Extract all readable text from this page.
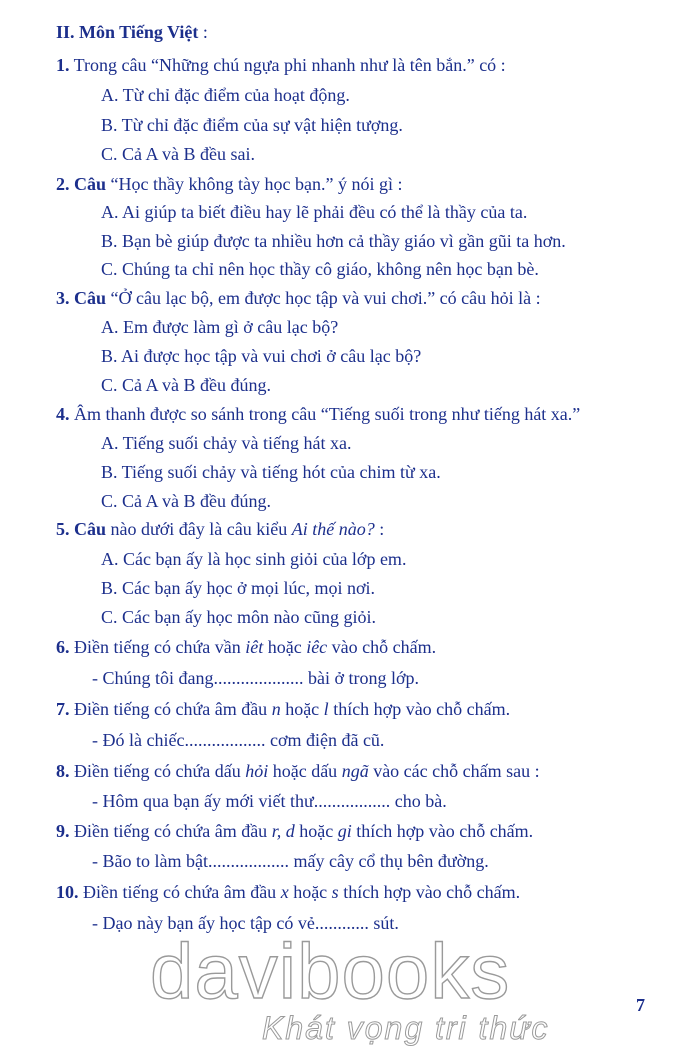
II. Môn Tiếng Việt :
1. Trong câu “Những chú ngựa phi nhanh như là tên bắn.” có :
A. Từ chỉ đặc điểm của hoạt động.
B. Từ chỉ đặc điểm của sự vật hiện tượng.
C. Cả A và B đều sai.
2. Câu “Học thầy không tày học bạn.” ý nói gì :
A. Ai giúp ta biết điều hay lẽ phải đều có thể là thầy của ta.
B. Bạn bè giúp được ta nhiều hơn cả thầy giáo vì gần gũi ta hơn.
C. Chúng ta chỉ nên học thầy cô giáo, không nên học bạn bè.
3. Câu “Ở câu lạc bộ, em được học tập và vui chơi.” có câu hỏi là :
A. Em được làm gì ở câu lạc bộ?
B. Ai được học tập và vui chơi ở câu lạc bộ?
C. Cả A và B đều đúng.
4. Âm thanh được so sánh trong câu “Tiếng suối trong như tiếng hát xa.”
A. Tiếng suối chảy và tiếng hát xa.
B. Tiếng suối chảy và tiếng hót của chim từ xa.
C. Cả A và B đều đúng.
5. Câu nào dưới đây là câu kiểu Ai thế nào? :
A. Các bạn ấy là học sinh giỏi của lớp em.
B. Các bạn ấy học ở mọi lúc, mọi nơi.
C. Các bạn ấy học môn nào cũng giỏi.
6. Điền tiếng có chứa vần iêt hoặc iêc vào chỗ chấm.
- Chúng tôi đang.................... bài ở trong lớp.
7. Điền tiếng có chứa âm đầu n hoặc l thích hợp vào chỗ chấm.
- Đó là chiếc.................. cơm điện đã cũ.
8. Điền tiếng có chứa dấu hỏi hoặc dấu ngã vào các chỗ chấm sau :
- Hôm qua bạn ấy mới viết thư................. cho bà.
9. Điền tiếng có chứa âm đầu r, d hoặc gi thích hợp vào chỗ chấm.
- Bão to làm bật.................. mấy cây cổ thụ bên đường.
10. Điền tiếng có chứa âm đầu x hoặc s thích hợp vào chỗ chấm.
- Dạo này bạn ấy học tập có vẻ............ sút.
davibooks
Khát vọng tri thức
7
